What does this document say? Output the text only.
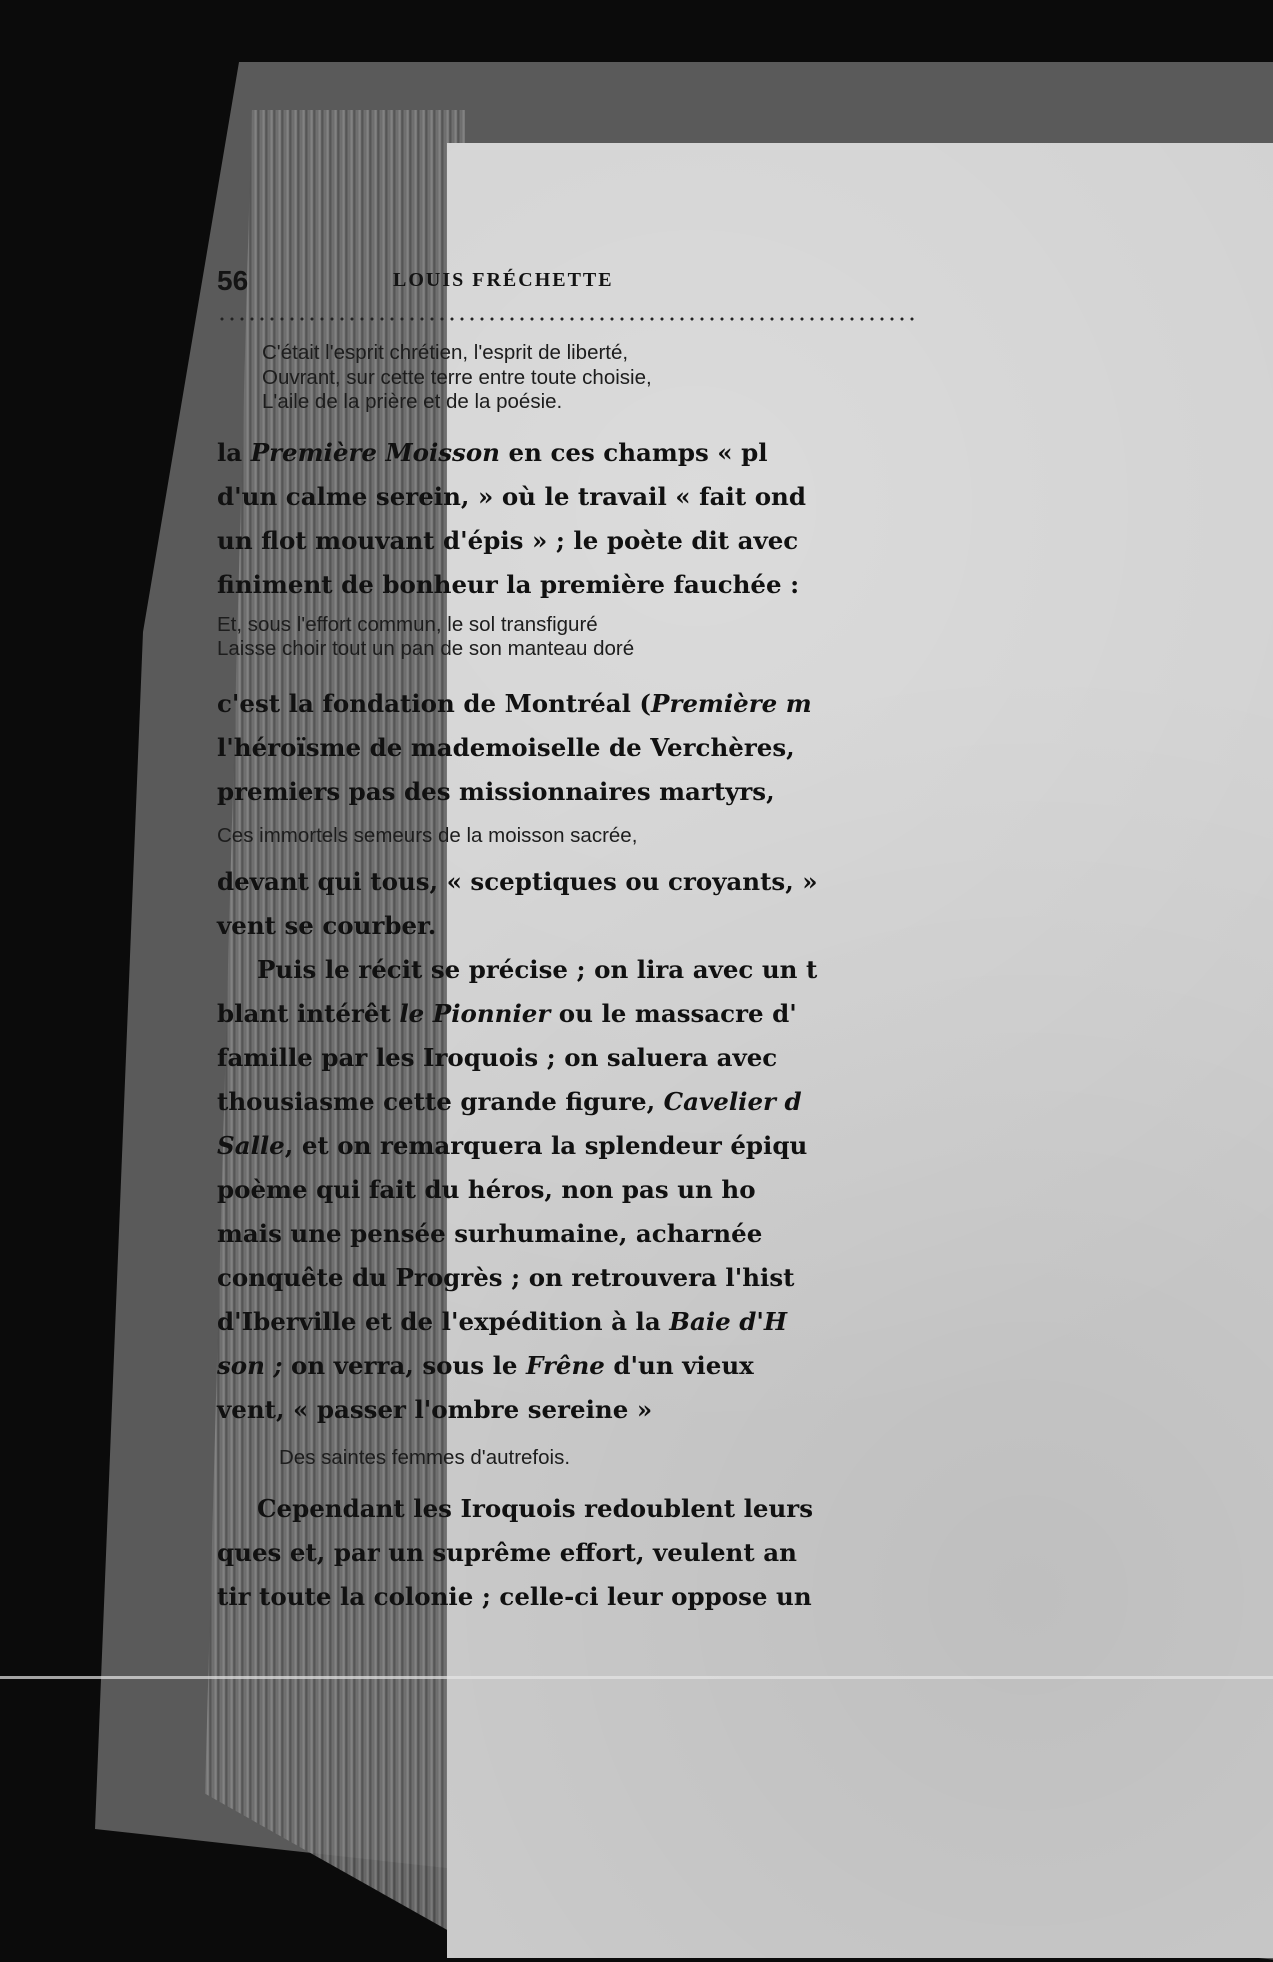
56	LOUIS FRÉCHETTE
C'était l'esprit chrétien, l'esprit de liberté,
Ouvrant, sur cette terre entre toute choisie,
L'aile de la prière et de la poésie.
la Première Moisson en ces champs « pl
d'un calme serein, » où le travail « fait ond
un flot mouvant d'épis » ; le poète dit avec
finiment de bonheur la première fauchée :
Et, sous l'effort commun, le sol transfiguré
Laisse choir tout un pan de son manteau doré
c'est la fondation de Montréal (Première m
l'héroïsme de mademoiselle de Verchères,
premiers pas des missionnaires martyrs,
Ces immortels semeurs de la moisson sacrée,
devant qui tous, « sceptiques ou croyants, »
vent se courber.
Puis le récit se précise ; on lira avec un t
blant intérêt le Pionnier ou le massacre d'
famille par les Iroquois ; on saluera avec
thousiasme cette grande figure, Cavelier d
Salle, et on remarquera la splendeur épiqu
poème qui fait du héros, non pas un ho
mais une pensée surhumaine, acharnée
conquête du Progrès ; on retrouvera l'hist
d'Iberville et de l'expédition à la Baie d'H
son ; on verra, sous le Frêne d'un vieux
vent, « passer l'ombre sereine »
Des saintes femmes d'autrefois.
Cependant les Iroquois redoublent leurs
ques et, par un suprême effort, veulent an
tir toute la colonie ; celle-ci leur oppose un
